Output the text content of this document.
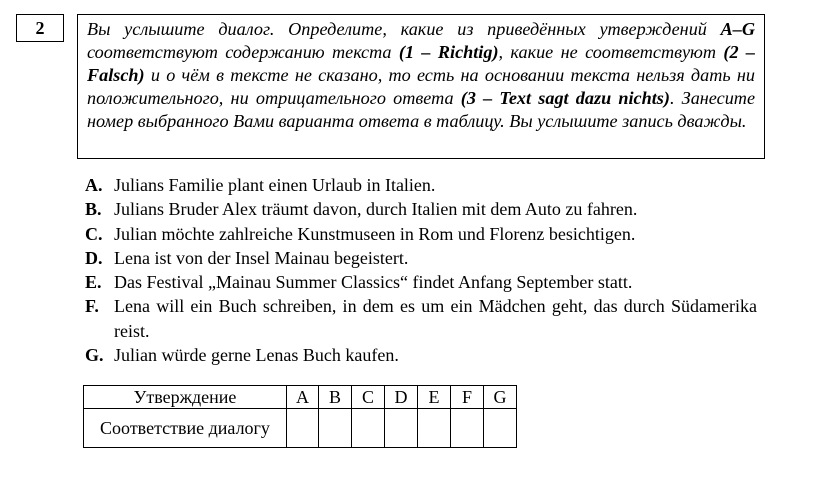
2	Вы услышите диалог. Определите, какие из приведённых утверждений A–G соответствуют содержанию текста (1 – Richtig), какие не соответствуют (2 – Falsch) и о чём в тексте не сказано, то есть на основании текста нельзя дать ни положительного, ни отрицательного ответа (3 – Text sagt dazu nichts). Занесите номер выбранного Вами варианта ответа в таблицу. Вы услышите запись дважды.
A. Julians Familie plant einen Urlaub in Italien.
B. Julians Bruder Alex träumt davon, durch Italien mit dem Auto zu fahren.
C. Julian möchte zahlreiche Kunstmuseen in Rom und Florenz besichtigen.
D. Lena ist von der Insel Mainau begeistert.
E. Das Festival „Mainau Summer Classics“ findet Anfang September statt.
F. Lena will ein Buch schreiben, in dem es um ein Mädchen geht, das durch Südamerika reist.
G. Julian würde gerne Lenas Buch kaufen.
Утверждение	A	B	C	D	E	F	G
Соответствие диалогу							
